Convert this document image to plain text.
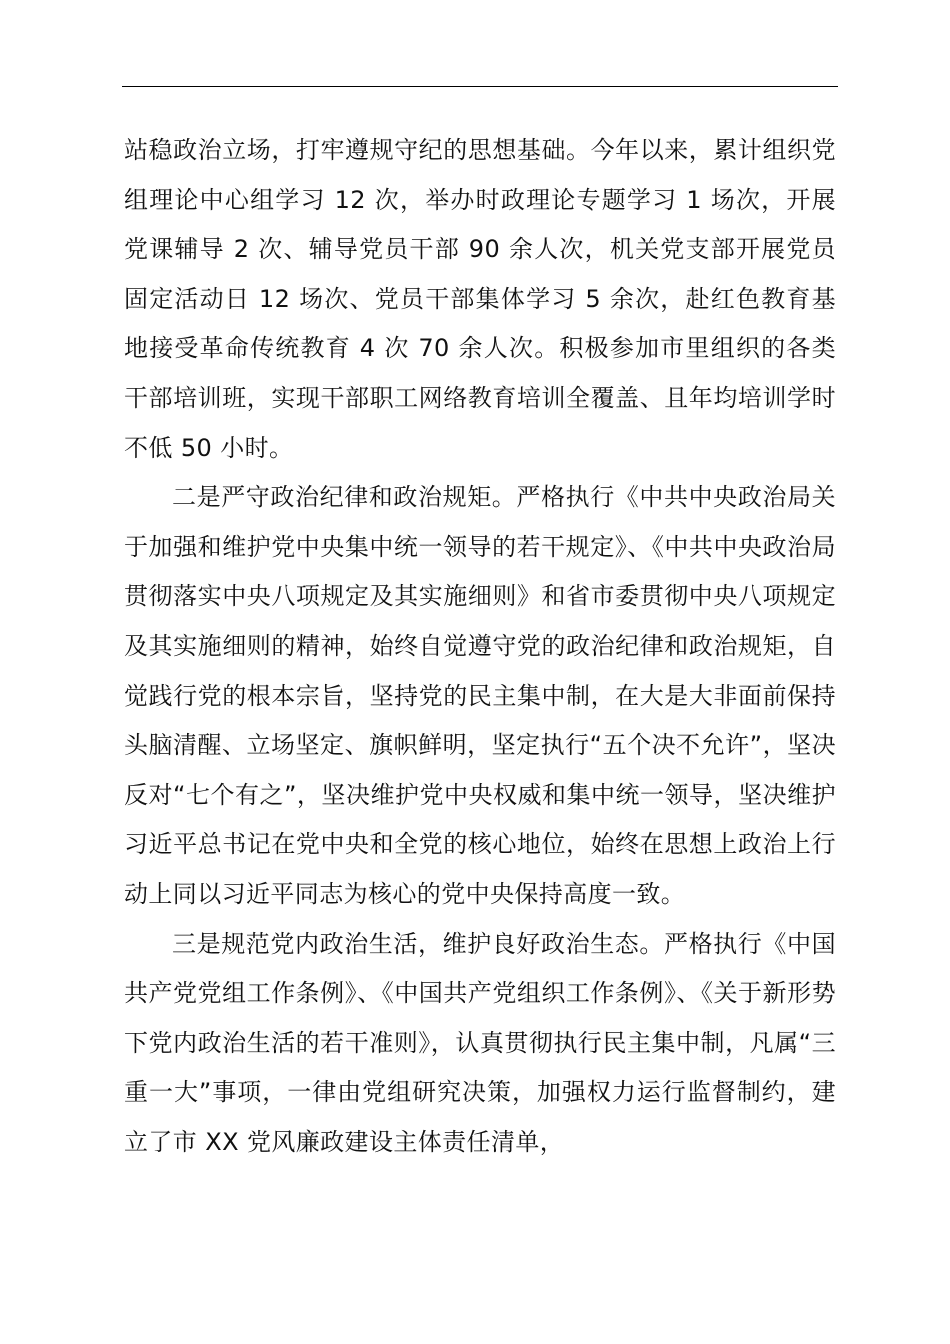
站稳政治立场，打牢遵规守纪的思想基础。今年以来，累计组织党组理论中心组学习 12 次，举办时政理论专题学习 1 场次，开展党课辅导 2 次、辅导党员干部 90 余人次，机关党支部开展党员固定活动日 12 场次、党员干部集体学习 5 余次，赴红色教育基地接受革命传统教育 4 次 70 余人次。积极参加市里组织的各类干部培训班，实现干部职工网络教育培训全覆盖、且年均培训学时不低 50 小时。

二是严守政治纪律和政治规矩。严格执行《中共中央政治局关于加强和维护党中央集中统一领导的若干规定》、《中共中央政治局贯彻落实中央八项规定及其实施细则》和省市委贯彻中央八项规定及其实施细则的精神，始终自觉遵守党的政治纪律和政治规矩，自觉践行党的根本宗旨，坚持党的民主集中制，在大是大非面前保持头脑清醒、立场坚定、旗帜鲜明，坚定执行“五个决不允许”，坚决反对“七个有之”，坚决维护党中央权威和集中统一领导，坚决维护习近平总书记在党中央和全党的核心地位，始终在思想上政治上行动上同以习近平同志为核心的党中央保持高度一致。

三是规范党内政治生活，维护良好政治生态。严格执行《中国共产党党组工作条例》、《中国共产党组织工作条例》、《关于新形势下党内政治生活的若干准则》，认真贯彻执行民主集中制，凡属“三重一大”事项，一律由党组研究决策，加强权力运行监督制约，建立了市 XX 党风廉政建设主体责任清单，
